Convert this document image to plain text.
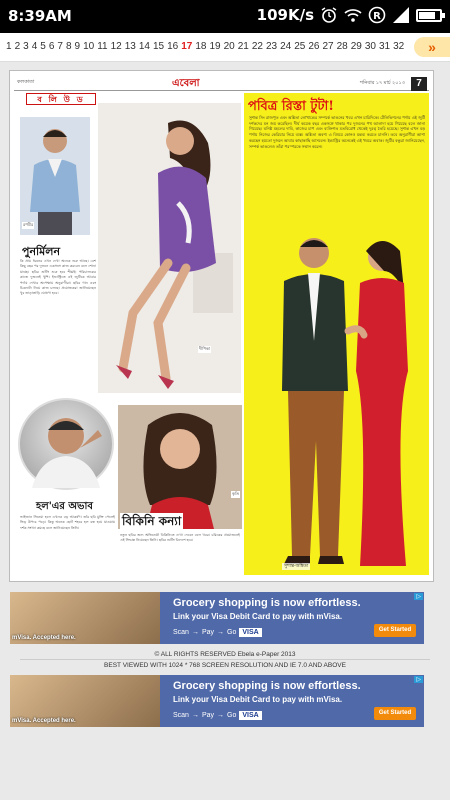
8:39AM	109K/s	R
1 2 3 4 5 6 7 8 9 10 11 12 13 14 15 16 17 18 19 20 21 22 23 24 25 26 27 28 29 30 31 32 »
কলকাতা	এবেলা	শনিবার ১৭ মার্চ ২০১৩	7
ব লি উ ড
রণবীর
দীপিকা
পুনর্মিলন
কি প্রায় ধরনের এখন দেখা অনেক শুরু আছে। বেশ কিছু বছর পর দুজনে একসঙ্গে কাজ করবেন বলে শোনা যাচ্ছে। ছবির শুটিং শুরু হবে শীঘ্রই। পরিচালকের কাজে দুজনেই খুশি। ইন্ডাস্ট্রিতে এই জুটিকে আবার পর্দায় দেখার অপেক্ষায় অনুরাগীরা। ছবির গান এবং চিত্রনাট্য নিয়ে কাজ চলছে। প্রযোজকরা জানিয়েছেন খুব তাড়াতাড়ি ঘোষণা হবে।
হল'এর অভাব
ভাইজান সিনেমা হলে এখনও বড় আকর্ষণ। তাঁর ছবি মুক্তি পেলেই ভিড় উপচে পড়ে। কিন্তু অনেক ছোট শহরে হল বন্ধ হয়ে যাওয়ায় দর্শক সংখ্যা কমছে বলে জানিয়েছেন তিনি।
কৃতি
বিকিনি কন্যা
নতুন ছবির জন্য অভিনেত্রী বিকিনিতে দেখা দেবেন বলে খবর। চরিত্রের প্রয়োজনেই এই সিদ্ধান্ত নিয়েছেন তিনি। ছবির শুটিং বিদেশে হবে।
পবিত্র রিস্তা টুটা!
সুশান্ত সিং রাজপুত এবং অঙ্কিতা লোখান্ডের সম্পর্কে ভাঙনের খবর এখন চারিদিকে। টেলিভিশনের পর্দায় এই জুটি দর্শকদের মন জয় করেছিল। দীর্ঘ কয়েক বছর একসঙ্গে থাকার পর দুজনের পথ আলাদা হয়ে গিয়েছে বলে জানা গিয়েছে। ঘনিষ্ঠ মহলের দাবি, কাজের চাপ এবং ব্যক্তিগত মতবিরোধ থেকেই দূরত্ব তৈরি হয়েছে। সুশান্ত এখন বড় পর্দায় নিজের কেরিয়ার নিয়ে ব্যস্ত। অঙ্কিতা অবশ্য এ বিষয়ে কোনও মন্তব্য করতে চাননি। তবে অনুরাগীরা আশা করছেন হয়তো দুজনে আবার কাছাকাছি আসবেন। ইন্ডাস্ট্রির অনেকেই এই খবরে অবাক। জুটির বন্ধুরা জানিয়েছেন, সম্পর্ক ভাঙলেও তাঁরা পরস্পরকে সম্মান করেন।
সুশান্ত-অঙ্কিতা
mVisa. Accepted here.
Grocery shopping is now effortless.
Link your Visa Debit Card to pay with mVisa.
Scan → Pay → Go VISA	Get Started
▷
© ALL RIGHTS RESERVED Ebela e-Paper 2013
BEST VIEWED WITH 1024 * 768 SCREEN RESOLUTION AND IE 7.0 AND ABOVE
mVisa. Accepted here.
Grocery shopping is now effortless.
Link your Visa Debit Card to pay with mVisa.
Scan → Pay → Go VISA	Get Started
▷
